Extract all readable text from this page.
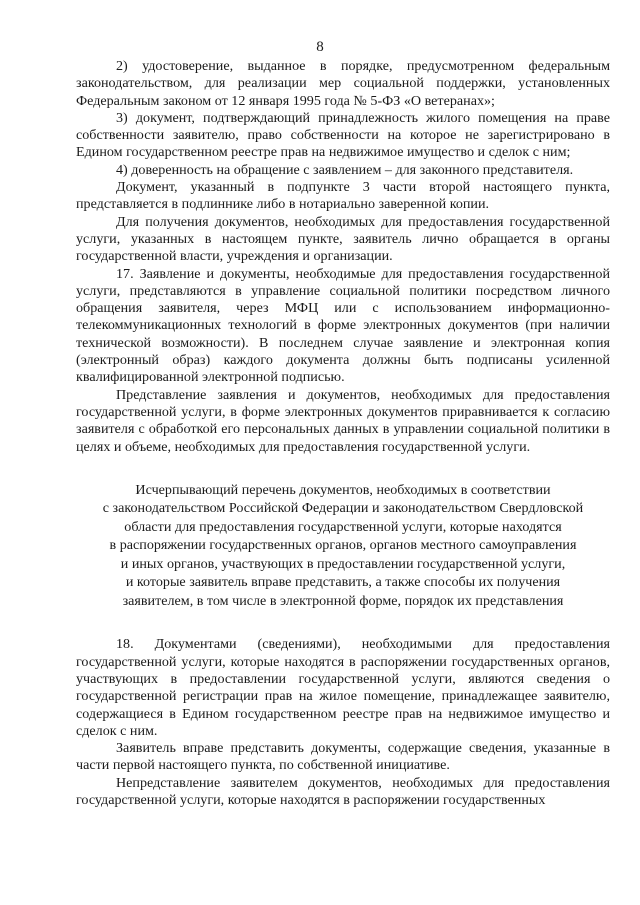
8

2) удостоверение, выданное в порядке, предусмотренном федеральным законодательством, для реализации мер социальной поддержки, установленных Федеральным законом от 12 января 1995 года № 5-ФЗ «О ветеранах»;

3) документ, подтверждающий принадлежность жилого помещения на праве собственности заявителю, право собственности на которое не зарегистрировано в Едином государственном реестре прав на недвижимое имущество и сделок с ним;

4) доверенность на обращение с заявлением – для законного представителя.

Документ, указанный в подпункте 3 части второй настоящего пункта, представляется в подлиннике либо в нотариально заверенной копии.

Для получения документов, необходимых для предоставления государственной услуги, указанных в настоящем пункте, заявитель лично обращается в органы государственной власти, учреждения и организации.

17. Заявление и документы, необходимые для предоставления государственной услуги, представляются в управление социальной политики посредством личного обращения заявителя, через МФЦ или с использованием информационно-телекоммуникационных технологий в форме электронных документов (при наличии технической возможности). В последнем случае заявление и электронная копия (электронный образ) каждого документа должны быть подписаны усиленной квалифицированной электронной подписью.

Представление заявления и документов, необходимых для предоставления государственной услуги, в форме электронных документов приравнивается к согласию заявителя с обработкой его персональных данных в управлении социальной политики в целях и объеме, необходимых для предоставления государственной услуги.

Исчерпывающий перечень документов, необходимых в соответствии
с законодательством Российской Федерации и законодательством Свердловской
области для предоставления государственной услуги, которые находятся
в распоряжении государственных органов, органов местного самоуправления
и иных органов, участвующих в предоставлении государственной услуги,
и которые заявитель вправе представить, а также способы их получения
заявителем, в том числе в электронной форме, порядок их представления

18. Документами (сведениями), необходимыми для предоставления государственной услуги, которые находятся в распоряжении государственных органов, участвующих в предоставлении государственной услуги, являются сведения о государственной регистрации прав на жилое помещение, принадлежащее заявителю, содержащиеся в Едином государственном реестре прав на недвижимое имущество и сделок с ним.

Заявитель вправе представить документы, содержащие сведения, указанные в части первой настоящего пункта, по собственной инициативе.

Непредставление заявителем документов, необходимых для предоставления государственной услуги, которые находятся в распоряжении государственных
